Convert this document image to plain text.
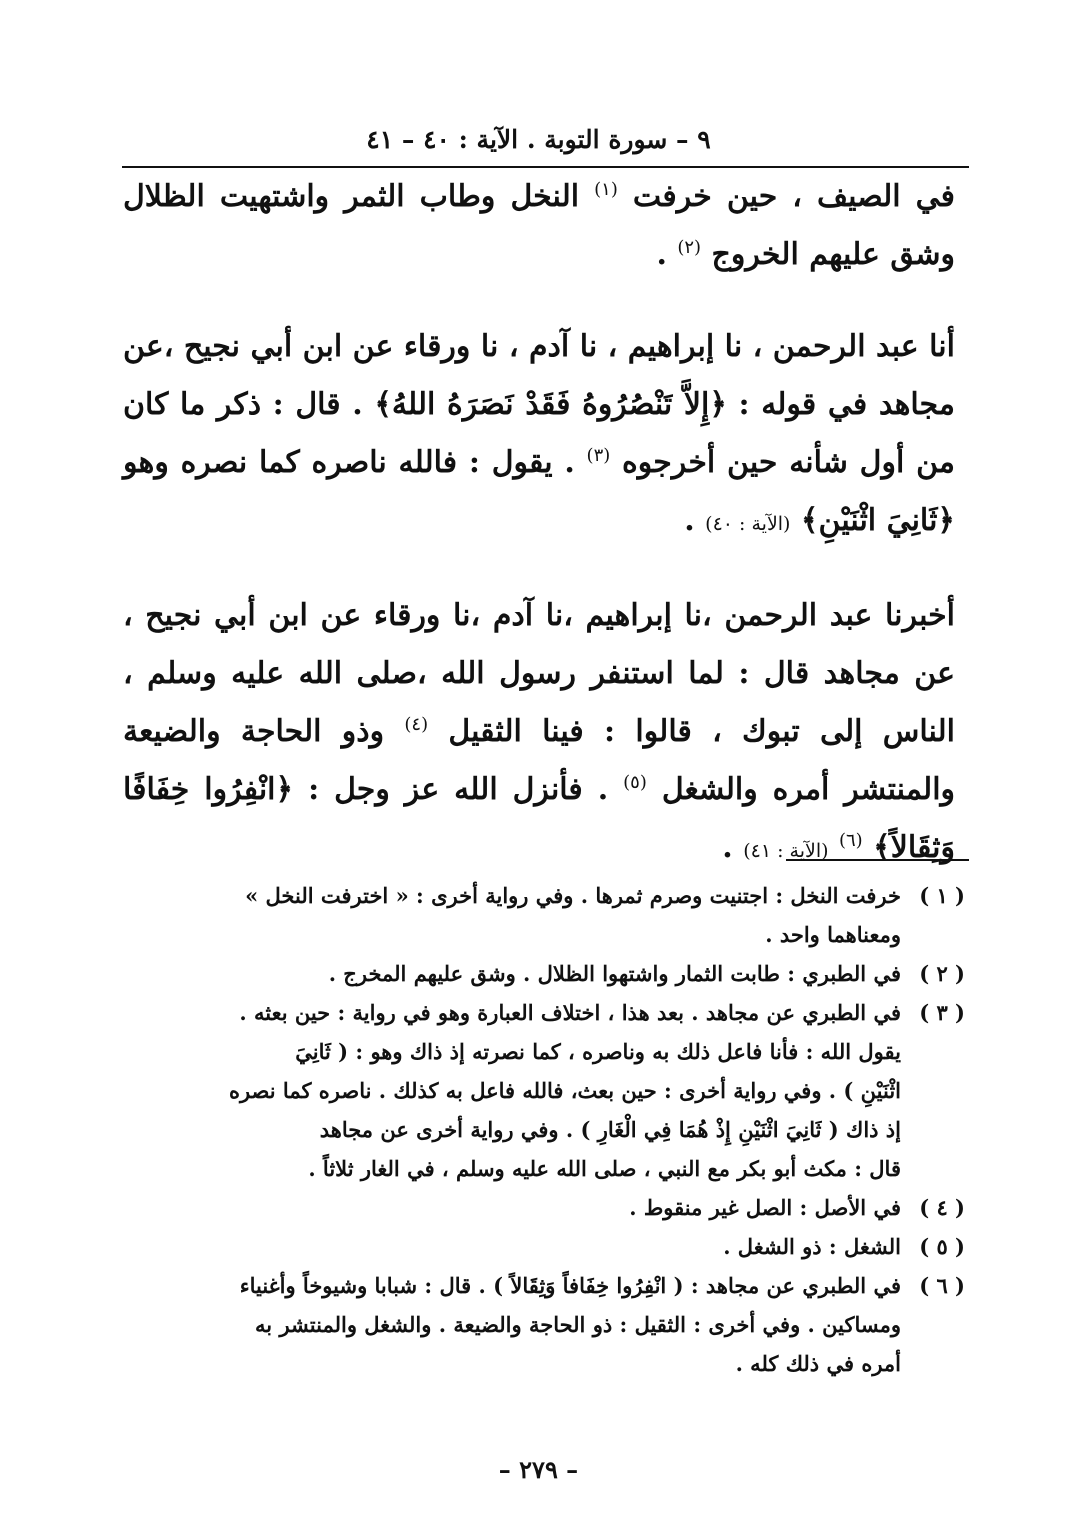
٩ – سورة التوبة . الآية : ٤٠ – ٤١

في الصيف ، حين خرفت $^{(١)}$ النخل وطاب الثمر واشتهيت الظلال وشق عليهم الخروج $^{(٢)}$ .

أنا عبد الرحمن ، نا إبراهيم ، نا آدم ، نا ورقاء عن ابن أبي نجيح ،عن مجاهد في قوله : ﴿إِلاَّ تَنْصُرُوهُ فَقَدْ نَصَرَهُ اللهُ﴾ . قال : ذكر ما كان من أول شأنه حين أخرجوه $^{(٣)}$ . يقول : فالله ناصره كما نصره وهو ﴿ثَانِيَ اثْنَيْنِ﴾ (الآية : ٤٠) .

أخبرنا عبد الرحمن ،نا إبراهيم ،نا آدم ،نا ورقاء عن ابن أبي نجيح ، عن مجاهد قال : لما استنفر رسول الله ،صلى الله عليه وسلم ، الناس إلى تبوك ، قالوا : فينا الثقيل $^{(٤)}$ وذو الحاجة والضيعة والمنتشر أمره والشغل $^{(٥)}$ . فأنزل الله عز وجل : ﴿انْفِرُوا خِفَافًا وَثِقَالاً﴾ $^{(٦)}$ (الآية : ٤١) .

( ١ )
خرفت النخل : اجتنيت وصرم ثمرها . وفي رواية أخرى : « اخترفت النخل »
ومعناهما واحد .
( ٢ )
في الطبري : طابت الثمار واشتهوا الظلال . وشق عليهم المخرج .
( ٣ )
في الطبري عن مجاهد . بعد هذا ، اختلاف العبارة وهو في رواية : حين بعثه .
يقول الله : فأنا فاعل ذلك به وناصره ، كما نصرته إذ ذاك وهو : ( ثَانِيَ
اثْنَيْنِ ) . وفي رواية أخرى : حين بعث، فالله فاعل به كذلك . ناصره كما نصره
إذ ذاك ( ثَانِيَ اثْنَيْنِ إِذْ هُمَا فِي الْغَارِ ) . وفي رواية أخرى عن مجاهد
قال : مكث أبو بكر مع النبي ، صلى الله عليه وسلم ، في الغار ثلاثاً .
( ٤ )
في الأصل : الصل غير منقوط .
( ٥ )
الشغل : ذو الشغل .
( ٦ )
في الطبري عن مجاهد : ( انْفِرُوا خِفَافاً وَثِقَالاً ) . قال : شبابا وشيوخاً وأغنياء
ومساكين . وفي أخرى : الثقيل : ذو الحاجة والضيعة . والشغل والمنتشر به
أمره في ذلك كله .
– ٢٧٩ –
